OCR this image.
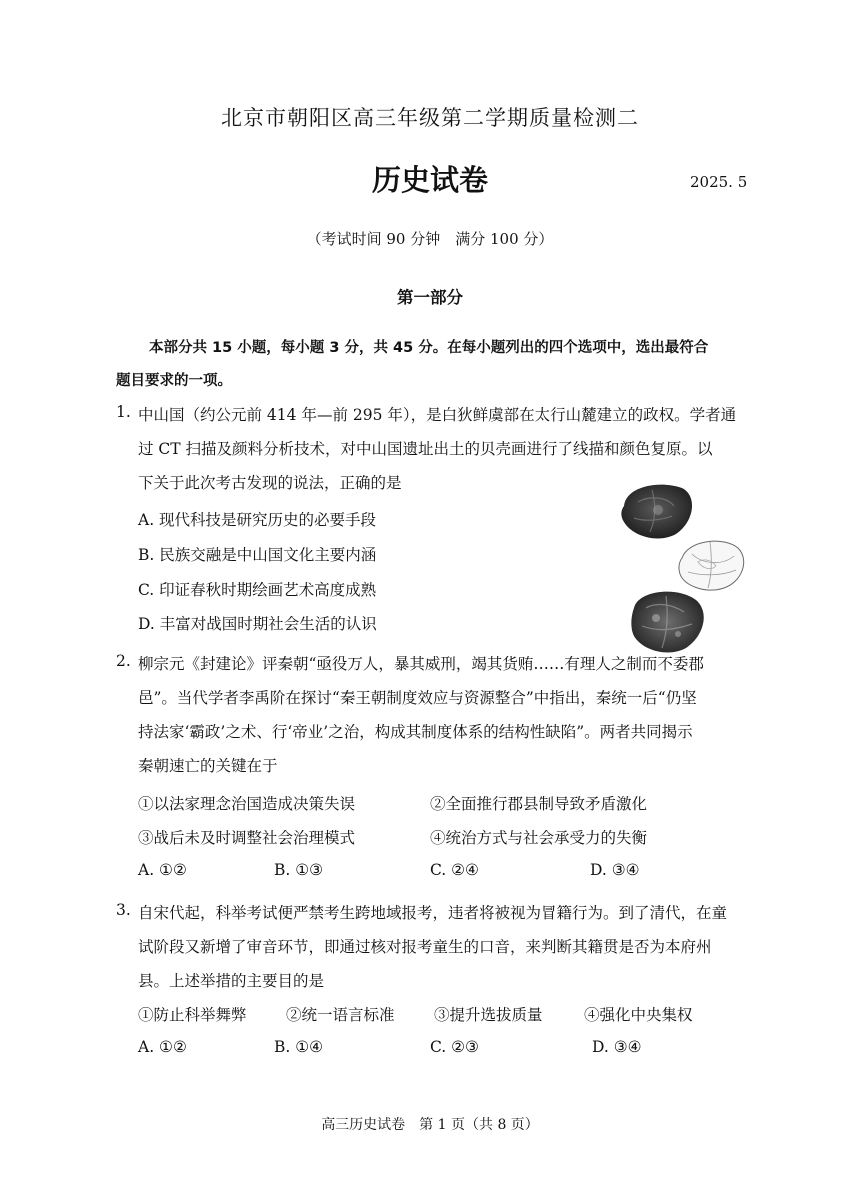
北京市朝阳区高三年级第二学期质量检测二
历史试卷	2025. 5
（考试时间 90 分钟　满分 100 分）
第一部分
本部分共 15 小题，每小题 3 分，共 45 分。在每小题列出的四个选项中，选出最符合
题目要求的一项。
1. 中山国（约公元前 414 年—前 295 年），是白狄鲜虞部在太行山麓建立的政权。学者通
过 CT 扫描及颜料分析技术，对中山国遗址出土的贝壳画进行了线描和颜色复原。以
下关于此次考古发现的说法，正确的是
A. 现代科技是研究历史的必要手段
B. 民族交融是中山国文化主要内涵
C. 印证春秋时期绘画艺术高度成熟
D. 丰富对战国时期社会生活的认识
2. 柳宗元《封建论》评秦朝“亟役万人，暴其威刑，竭其货贿……有理人之制而不委郡
邑”。当代学者李禹阶在探讨“秦王朝制度效应与资源整合”中指出，秦统一后“仍坚
持法家‘霸政’之术、行‘帝业’之治，构成其制度体系的结构性缺陷”。两者共同揭示
秦朝速亡的关键在于
①以法家理念治国造成决策失误	②全面推行郡县制导致矛盾激化
③战后未及时调整社会治理模式	④统治方式与社会承受力的失衡
A. ①②	B. ①③	C. ②④	D. ③④
3. 自宋代起，科举考试便严禁考生跨地域报考，违者将被视为冒籍行为。到了清代，在童
试阶段又新增了审音环节，即通过核对报考童生的口音，来判断其籍贯是否为本府州
县。上述举措的主要目的是
①防止科举舞弊	②统一语言标准	③提升选拔质量	④强化中央集权
A. ①②	B. ①④	C. ②③	D. ③④
高三历史试卷　第 1 页（共 8 页）
